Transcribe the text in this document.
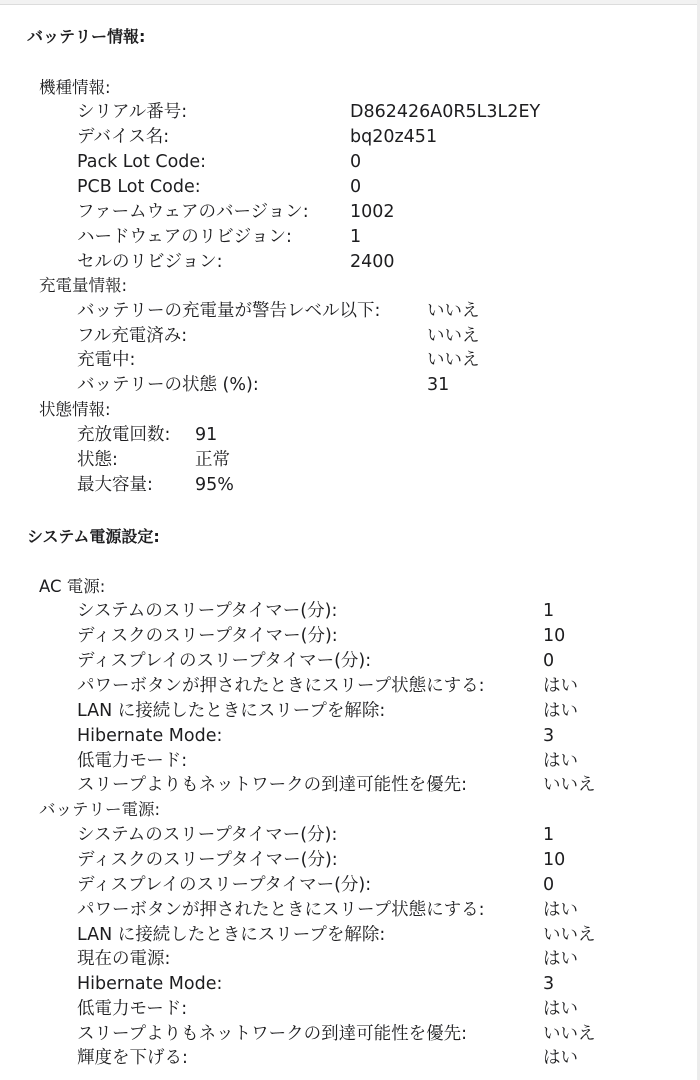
バッテリー情報:
機種情報:
シリアル番号:	D862426A0R5L3L2EY
デバイス名:	bq20z451
Pack Lot Code:	0
PCB Lot Code:	0
ファームウェアのバージョン: 1002
ハードウェアのリビジョン:	1
セルのリビジョン:	2400
充電量情報:
バッテリーの充電量が警告レベル以下:	いいえ
フル充電済み:	いいえ
充電中:	いいえ
バッテリーの状態 (%):	31
状態情報:
充放電回数: 91
状態:	正常
最大容量: 95%
システム電源設定:
AC 電源:
システムのスリープタイマー(分):	1
ディスクのスリープタイマー(分):	10
ディスプレイのスリープタイマー(分):	0
パワーボタンが押されたときにスリープ状態にする:	はい
LAN に接続したときにスリープを解除:	はい
Hibernate Mode:	3
低電力モード:	はい
スリープよりもネットワークの到達可能性を優先:	いいえ
バッテリー電源:
システムのスリープタイマー(分):	1
ディスクのスリープタイマー(分):	10
ディスプレイのスリープタイマー(分):	0
パワーボタンが押されたときにスリープ状態にする:	はい
LAN に接続したときにスリープを解除:	いいえ
現在の電源:	はい
Hibernate Mode:	3
低電力モード:	はい
スリープよりもネットワークの到達可能性を優先:	いいえ
輝度を下げる:	はい
